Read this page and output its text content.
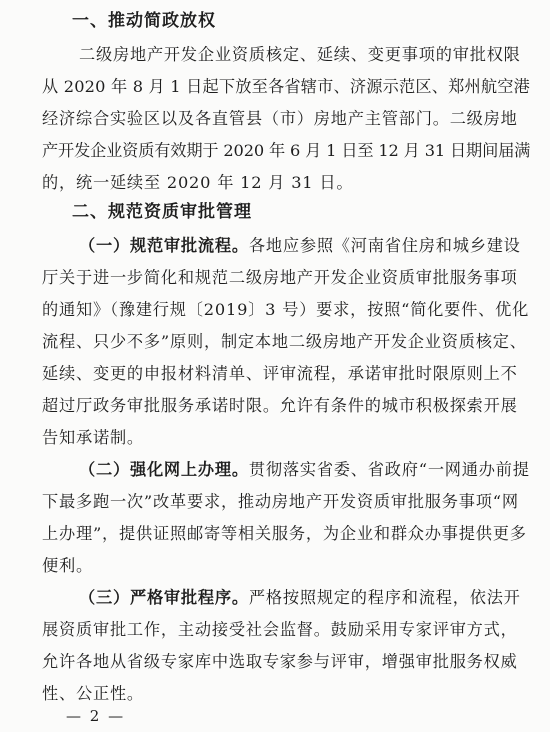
一、推动简政放权
二级房地产开发企业资质核定、延续、变更事项的审批权限
从 2020 年 8 月 1 日起下放至各省辖市、济源示范区、郑州航空港
经济综合实验区以及各直管县（市）房地产主管部门。二级房地
产开发企业资质有效期于 2020 年 6 月 1 日至 12 月 31 日期间届满
的，统一延续至 2020 年 12 月 31 日。
二、规范资质审批管理
（一）规范审批流程。各地应参照《河南省住房和城乡建设
厅关于进一步简化和规范二级房地产开发企业资质审批服务事项
的通知》（豫建行规〔2019〕3 号）要求，按照“简化要件、优化
流程、只少不多”原则，制定本地二级房地产开发企业资质核定、
延续、变更的申报材料清单、评审流程，承诺审批时限原则上不
超过厅政务审批服务承诺时限。允许有条件的城市积极探索开展
告知承诺制。
（二）强化网上办理。贯彻落实省委、省政府“一网通办前提
下最多跑一次”改革要求，推动房地产开发资质审批服务事项“网
上办理”，提供证照邮寄等相关服务，为企业和群众办事提供更多
便利。
（三）严格审批程序。严格按照规定的程序和流程，依法开
展资质审批工作，主动接受社会监督。鼓励采用专家评审方式，
允许各地从省级专家库中选取专家参与评审，增强审批服务权威
性、公正性。
— 2 —
